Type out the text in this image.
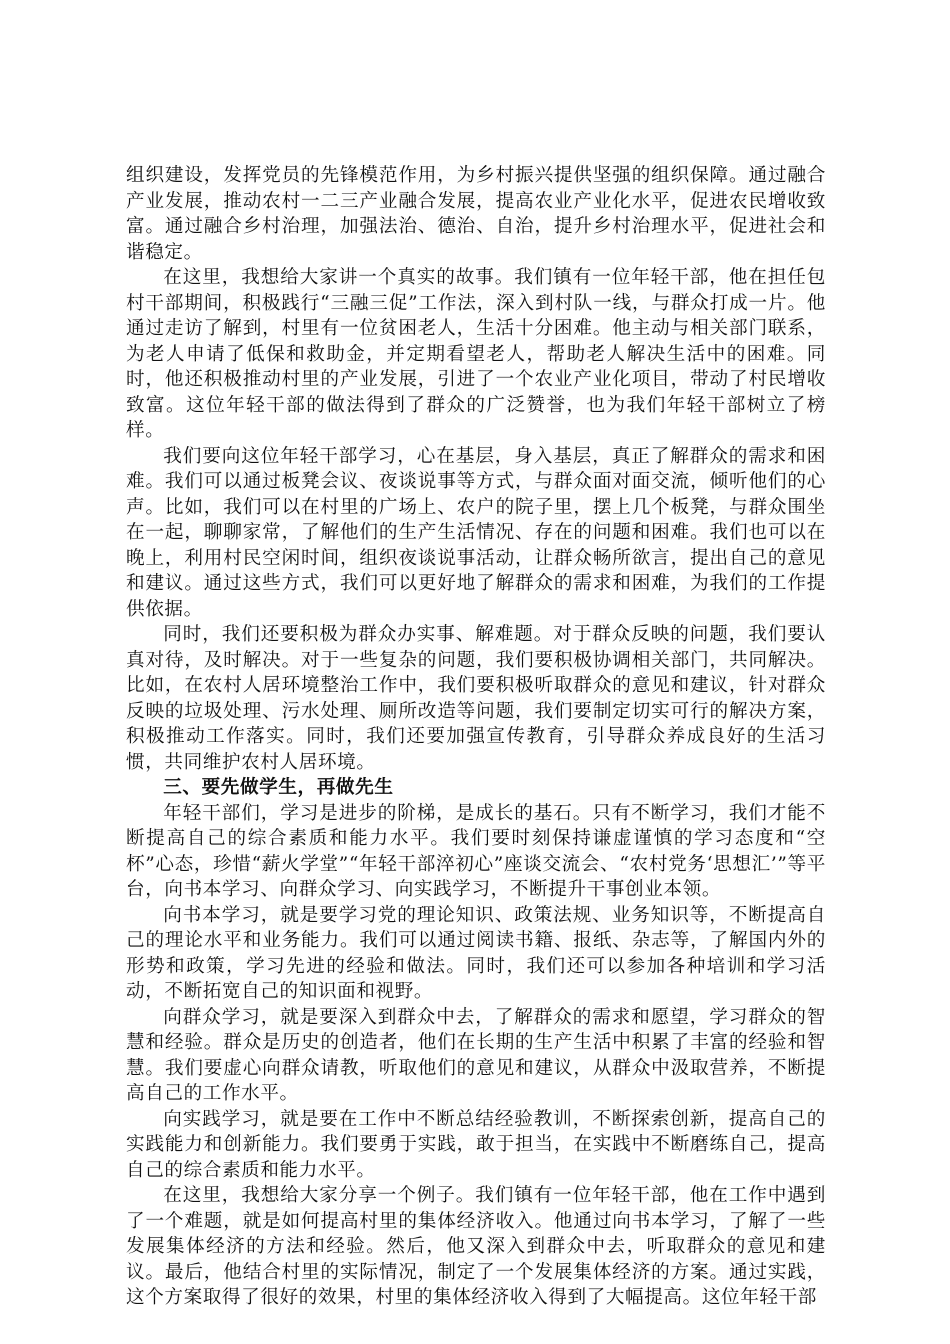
组织建设，发挥党员的先锋模范作用，为乡村振兴提供坚强的组织保障。通过融合产业发展，推动农村一二三产业融合发展，提高农业产业化水平，促进农民增收致富。通过融合乡村治理，加强法治、德治、自治，提升乡村治理水平，促进社会和谐稳定。

在这里，我想给大家讲一个真实的故事。我们镇有一位年轻干部，他在担任包村干部期间，积极践行“三融三促”工作法，深入到村队一线，与群众打成一片。他通过走访了解到，村里有一位贫困老人，生活十分困难。他主动与相关部门联系，为老人申请了低保和救助金，并定期看望老人，帮助老人解决生活中的困难。同时，他还积极推动村里的产业发展，引进了一个农业产业化项目，带动了村民增收致富。这位年轻干部的做法得到了群众的广泛赞誉，也为我们年轻干部树立了榜样。

我们要向这位年轻干部学习，心在基层，身入基层，真正了解群众的需求和困难。我们可以通过板凳会议、夜谈说事等方式，与群众面对面交流，倾听他们的心声。比如，我们可以在村里的广场上、农户的院子里，摆上几个板凳，与群众围坐在一起，聊聊家常，了解他们的生产生活情况、存在的问题和困难。我们也可以在晚上，利用村民空闲时间，组织夜谈说事活动，让群众畅所欲言，提出自己的意见和建议。通过这些方式，我们可以更好地了解群众的需求和困难，为我们的工作提供依据。

同时，我们还要积极为群众办实事、解难题。对于群众反映的问题，我们要认真对待，及时解决。对于一些复杂的问题，我们要积极协调相关部门，共同解决。比如，在农村人居环境整治工作中，我们要积极听取群众的意见和建议，针对群众反映的垃圾处理、污水处理、厕所改造等问题，我们要制定切实可行的解决方案，积极推动工作落实。同时，我们还要加强宣传教育，引导群众养成良好的生活习惯，共同维护农村人居环境。

三、要先做学生，再做先生

年轻干部们，学习是进步的阶梯，是成长的基石。只有不断学习，我们才能不断提高自己的综合素质和能力水平。我们要时刻保持谦虚谨慎的学习态度和“空杯”心态，珍惜“薪火学堂”“年轻干部淬初心”座谈交流会、“农村党务‘思想汇’”等平台，向书本学习、向群众学习、向实践学习，不断提升干事创业本领。

向书本学习，就是要学习党的理论知识、政策法规、业务知识等，不断提高自己的理论水平和业务能力。我们可以通过阅读书籍、报纸、杂志等，了解国内外的形势和政策，学习先进的经验和做法。同时，我们还可以参加各种培训和学习活动，不断拓宽自己的知识面和视野。

向群众学习，就是要深入到群众中去，了解群众的需求和愿望，学习群众的智慧和经验。群众是历史的创造者，他们在长期的生产生活中积累了丰富的经验和智慧。我们要虚心向群众请教，听取他们的意见和建议，从群众中汲取营养，不断提高自己的工作水平。

向实践学习，就是要在工作中不断总结经验教训，不断探索创新，提高自己的实践能力和创新能力。我们要勇于实践，敢于担当，在实践中不断磨练自己，提高自己的综合素质和能力水平。

在这里，我想给大家分享一个例子。我们镇有一位年轻干部，他在工作中遇到了一个难题，就是如何提高村里的集体经济收入。他通过向书本学习，了解了一些发展集体经济的方法和经验。然后，他又深入到群众中去，听取群众的意见和建议。最后，他结合村里的实际情况，制定了一个发展集体经济的方案。通过实践，这个方案取得了很好的效果，村里的集体经济收入得到了大幅提高。这位年轻干部
